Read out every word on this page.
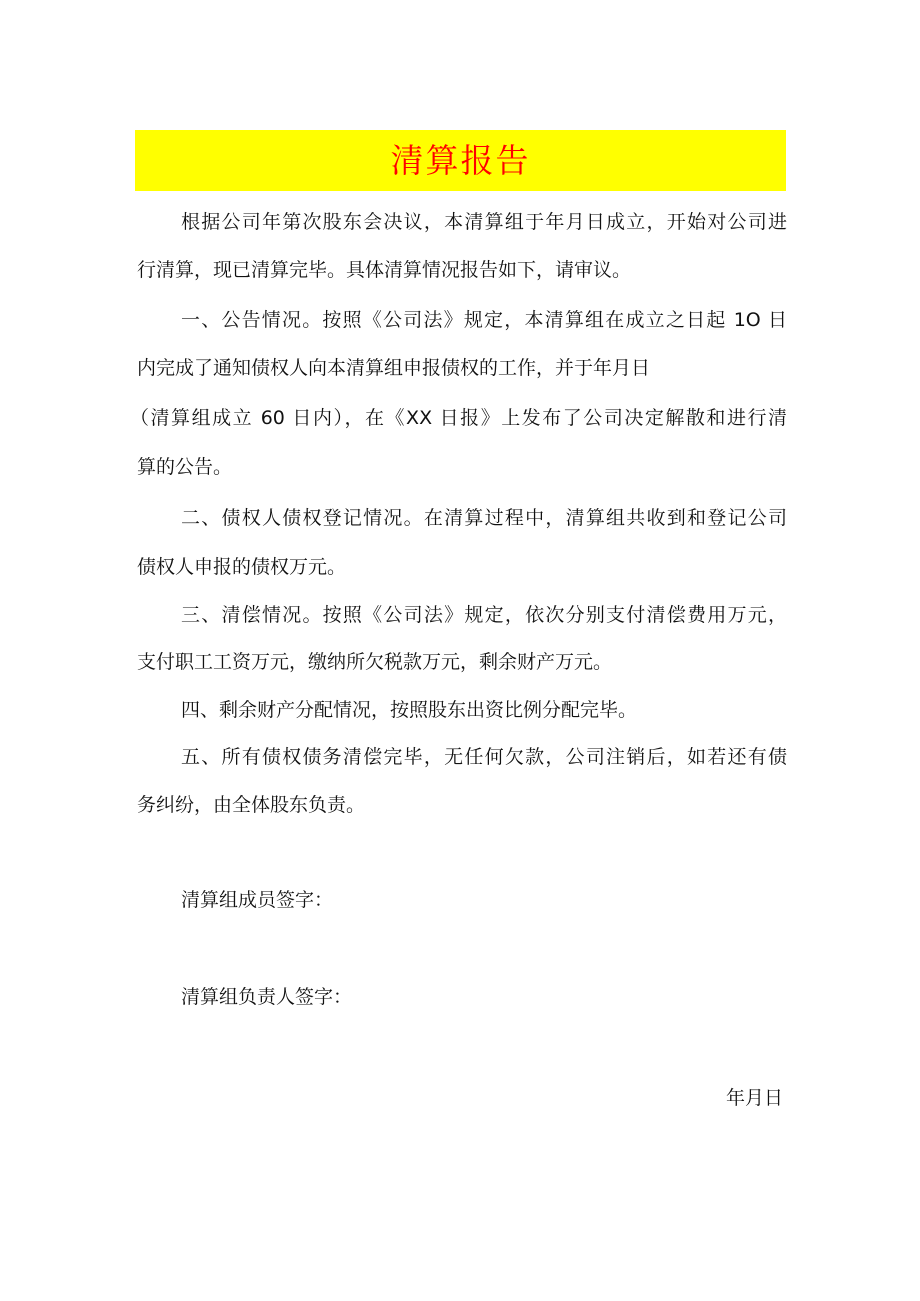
清算报告
根据公司年第次股东会决议，本清算组于年月日成立，开始对公司进
行清算，现已清算完毕。具体清算情况报告如下，请审议。
一、公告情况。按照《公司法》规定，本清算组在成立之日起 1O 日
内完成了通知债权人向本清算组申报债权的工作，并于年月日
（清算组成立 60 日内），在《XX 日报》上发布了公司决定解散和进行清
算的公告。
二、债权人债权登记情况。在清算过程中，清算组共收到和登记公司
债权人申报的债权万元。
三、清偿情况。按照《公司法》规定，依次分别支付清偿费用万元，
支付职工工资万元，缴纳所欠税款万元，剩余财产万元。
四、剩余财产分配情况，按照股东出资比例分配完毕。
五、所有债权债务清偿完毕，无任何欠款，公司注销后，如若还有债
务纠纷，由全体股东负责。
清算组成员签字：
清算组负责人签字：
年月日
